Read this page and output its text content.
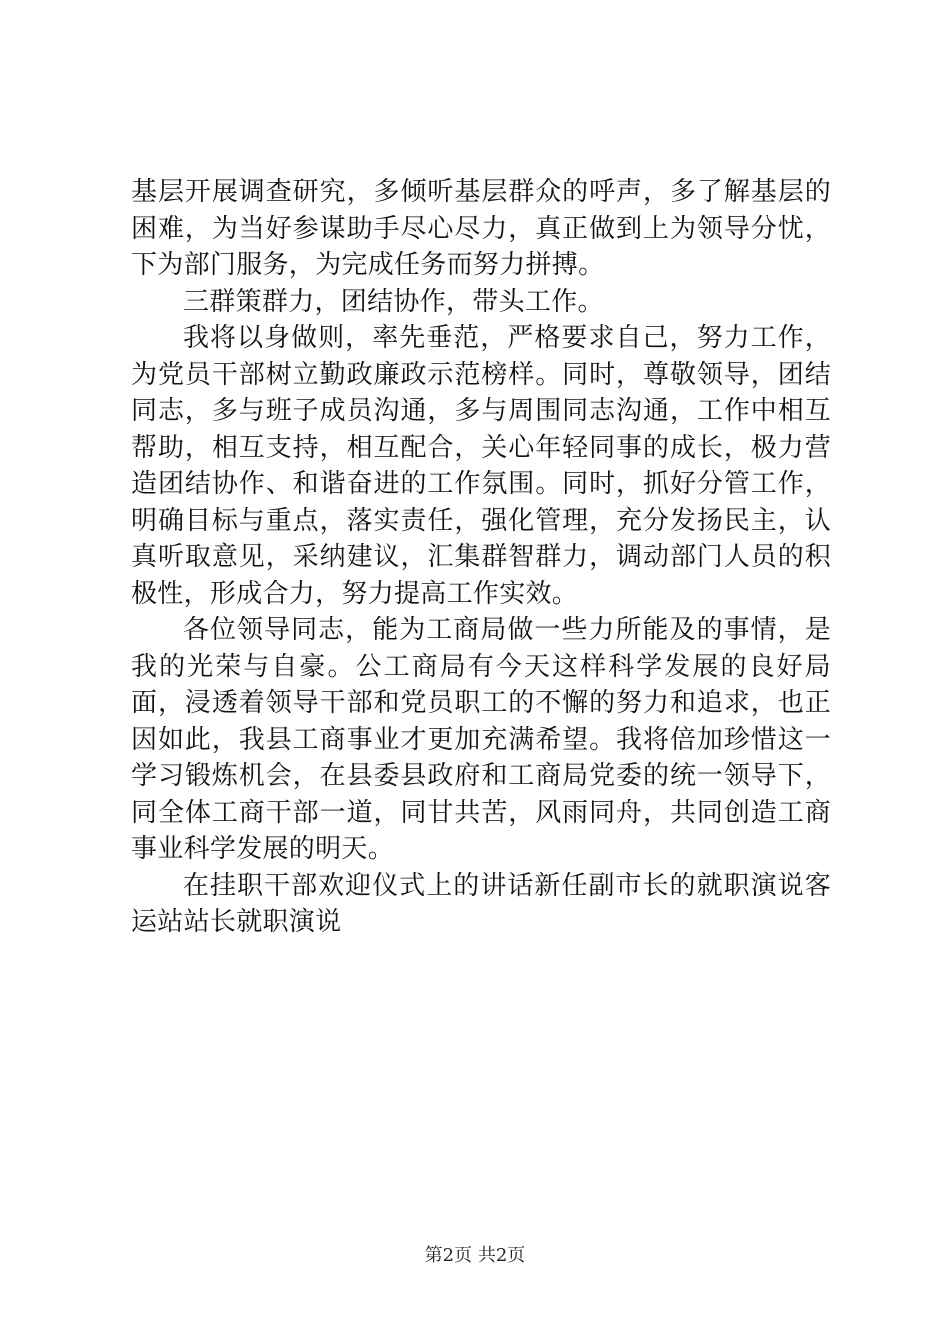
基层开展调查研究，多倾听基层群众的呼声，多了解基层的困难，为当好参谋助手尽心尽力，真正做到上为领导分忧，下为部门服务，为完成任务而努力拼搏。

三群策群力，团结协作，带头工作。

我将以身做则，率先垂范，严格要求自己，努力工作，为党员干部树立勤政廉政示范榜样。同时，尊敬领导，团结同志，多与班子成员沟通，多与周围同志沟通，工作中相互帮助，相互支持，相互配合，关心年轻同事的成长，极力营造团结协作、和谐奋进的工作氛围。同时，抓好分管工作，明确目标与重点，落实责任，强化管理，充分发扬民主，认真听取意见，采纳建议，汇集群智群力，调动部门人员的积极性，形成合力，努力提高工作实效。

各位领导同志，能为工商局做一些力所能及的事情，是我的光荣与自豪。公工商局有今天这样科学发展的良好局面，浸透着领导干部和党员职工的不懈的努力和追求，也正因如此，我县工商事业才更加充满希望。我将倍加珍惜这一学习锻炼机会，在县委县政府和工商局党委的统一领导下，同全体工商干部一道，同甘共苦，风雨同舟，共同创造工商事业科学发展的明天。

在挂职干部欢迎仪式上的讲话新任副市长的就职演说客运站站长就职演说

第2页 共2页
